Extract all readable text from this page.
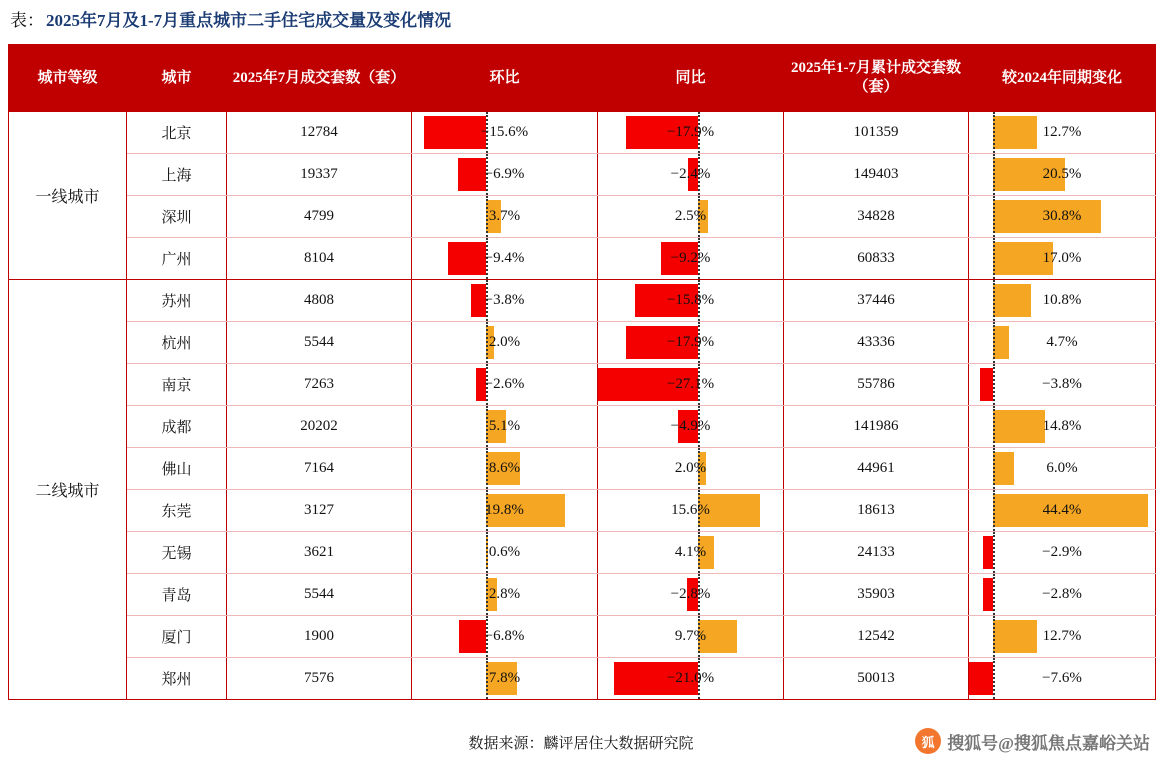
表： 2025年7月及1-7月重点城市二手住宅成交量及变化情况
城市等级	城市	2025年7月成交套数（套）	环比	同比	2025年1-7月累计成交套数（套）	较2024年同期变化
一线城市	北京	12784	−15.6%	−17.9%	101359	12.7%

	上海	19337	−6.9%	−2.4%	149403	20.5%

	深圳	4799	3.7%	2.5%	34828	30.8%

	广州	8104	−9.4%	−9.2%	60833	17.0%

二线城市	苏州	4808	−3.8%	−15.8%	37446	10.8%

	杭州	5544	2.0%	−17.9%	43336	4.7%

	南京	7263	−2.6%	−27.1%	55786	−3.8%

	成都	20202	5.1%	−4.9%	141986	14.8%

	佛山	7164	8.6%	2.0%	44961	6.0%

	东莞	3127	19.8%	15.6%	18613	44.4%

	无锡	3621	0.6%	4.1%	24133	−2.9%

	青岛	5544	2.8%	−2.8%	35903	−2.8%

	厦门	1900	−6.8%	9.7%	12542	12.7%

	郑州	7576	7.8%	−21.0%	50013	−7.6%
数据来源：麟评居住大数据研究院	狐 搜狐号@搜狐焦点嘉峪关站
